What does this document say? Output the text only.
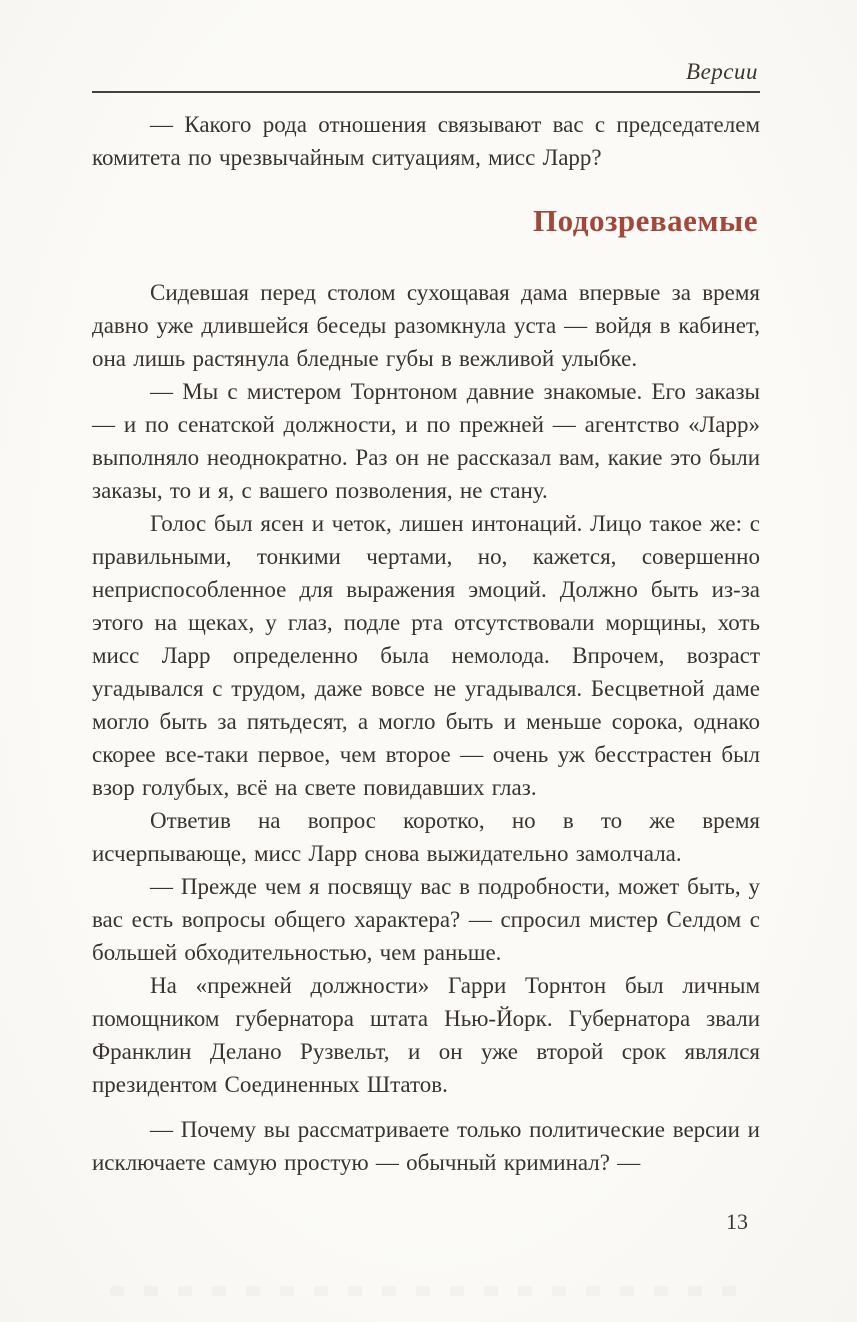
Версии

— Какого рода отношения связывают вас с председателем комитета по чрезвычайным ситуациям, мисс Ларр?

Подозреваемые

Сидевшая перед столом сухощавая дама впервые за время давно уже длившейся беседы разомкнула уста — войдя в кабинет, она лишь растянула бледные губы в вежливой улыбке.

— Мы с мистером Торнтоном давние знакомые. Его заказы — и по сенатской должности, и по прежней — агентство «Ларр» выполняло неоднократно. Раз он не рассказал вам, какие это были заказы, то и я, с вашего позволения, не стану.

Голос был ясен и четок, лишен интонаций. Лицо такое же: с правильными, тонкими чертами, но, кажется, совершенно неприспособленное для выражения эмоций. Должно быть из-за этого на щеках, у глаз, подле рта отсутствовали морщины, хоть мисс Ларр определенно была немолода. Впрочем, возраст угадывался с трудом, даже вовсе не угадывался. Бесцветной даме могло быть за пятьдесят, а могло быть и меньше сорока, однако скорее все-таки первое, чем второе — очень уж бесстрастен был взор голубых, всё на свете повидавших глаз.

Ответив на вопрос коротко, но в то же время исчерпывающе, мисс Ларр снова выжидательно замолчала.

— Прежде чем я посвящу вас в подробности, может быть, у вас есть вопросы общего характера? — спросил мистер Селдом с большей обходительностью, чем раньше.

На «прежней должности» Гарри Торнтон был личным помощником губернатора штата Нью-Йорк. Губернатора звали Франклин Делано Рузвельт, и он уже второй срок являлся президентом Соединенных Штатов.

— Почему вы рассматриваете только политические версии и исключаете самую простую — обычный криминал? —

13
